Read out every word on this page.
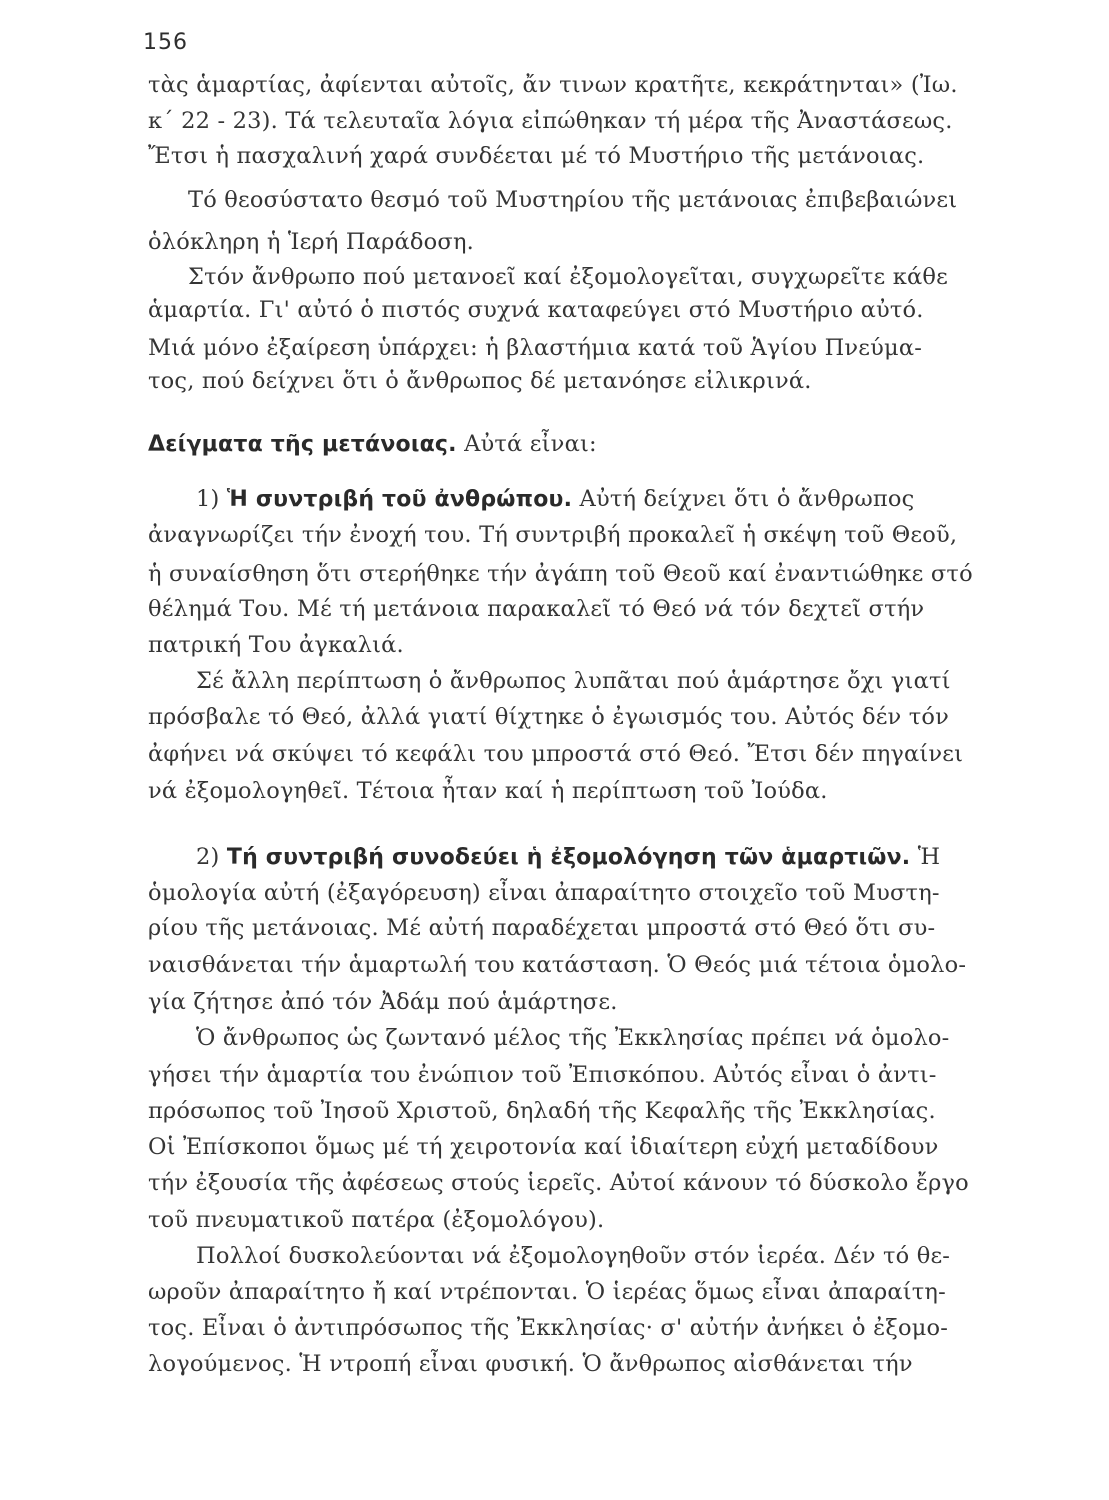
156
τὰς ἁμαρτίας, ἀφίενται αὐτοῖς, ἄν τινων κρατῆτε, κεκράτηνται» (Ἰω.
κ΄ 22 - 23). Τά τελευταῖα λόγια εἰπώθηκαν τή μέρα τῆς Ἀναστάσεως.
Ἔτσι ἡ πασχαλινή χαρά συνδέεται μέ τό Μυστήριο τῆς μετάνοιας.
Τό θεοσύστατο θεσμό τοῦ Μυστηρίου τῆς μετάνοιας ἐπιβεβαιώνει
ὁλόκληρη ἡ Ἱερή Παράδοση.
Στόν ἄνθρωπο πού μετανοεῖ καί ἐξομολογεῖται, συγχωρεῖτε κάθε
ἁμαρτία. Γι' αὐτό ὁ πιστός συχνά καταφεύγει στό Μυστήριο αὐτό.
Μιά μόνο ἐξαίρεση ὑπάρχει: ἡ βλαστήμια κατά τοῦ Ἁγίου Πνεύμα-
τος, πού δείχνει ὅτι ὁ ἄνθρωπος δέ μετανόησε εἰλικρινά.
Δείγματα τῆς μετάνοιας. Αὐτά εἶναι:
1) Ἡ συντριβή τοῦ ἀνθρώπου. Αὐτή δείχνει ὅτι ὁ ἄνθρωπος
ἀναγνωρίζει τήν ἐνοχή του. Τή συντριβή προκαλεῖ ἡ σκέψη τοῦ Θεοῦ,
ἡ συναίσθηση ὅτι στερήθηκε τήν ἀγάπη τοῦ Θεοῦ καί ἐναντιώθηκε στό
θέλημά Του. Μέ τή μετάνοια παρακαλεῖ τό Θεό νά τόν δεχτεῖ στήν
πατρική Του ἀγκαλιά.
Σέ ἄλλη περίπτωση ὁ ἄνθρωπος λυπᾶται πού ἁμάρτησε ὄχι γιατί
πρόσβαλε τό Θεό, ἀλλά γιατί θίχτηκε ὁ ἐγωισμός του. Αὐτός δέν τόν
ἀφήνει νά σκύψει τό κεφάλι του μπροστά στό Θεό. Ἔτσι δέν πηγαίνει
νά ἐξομολογηθεῖ. Τέτοια ἦταν καί ἡ περίπτωση τοῦ Ἰούδα.
2) Τή συντριβή συνοδεύει ἡ ἐξομολόγηση τῶν ἁμαρτιῶν. Ἡ
ὁμολογία αὐτή (ἐξαγόρευση) εἶναι ἀπαραίτητο στοιχεῖο τοῦ Μυστη-
ρίου τῆς μετάνοιας. Μέ αὐτή παραδέχεται μπροστά στό Θεό ὅτι συ-
ναισθάνεται τήν ἁμαρτωλή του κατάσταση. Ὁ Θεός μιά τέτοια ὁμολο-
γία ζήτησε ἀπό τόν Ἀδάμ πού ἁμάρτησε.
Ὁ ἄνθρωπος ὡς ζωντανό μέλος τῆς Ἐκκλησίας πρέπει νά ὁμολο-
γήσει τήν ἁμαρτία του ἐνώπιον τοῦ Ἐπισκόπου. Αὐτός εἶναι ὁ ἀντι-
πρόσωπος τοῦ Ἰησοῦ Χριστοῦ, δηλαδή τῆς Κεφαλῆς τῆς Ἐκκλησίας.
Οἱ Ἐπίσκοποι ὅμως μέ τή χειροτονία καί ἰδιαίτερη εὐχή μεταδίδουν
τήν ἐξουσία τῆς ἀφέσεως στούς ἱερεῖς. Αὐτοί κάνουν τό δύσκολο ἔργο
τοῦ πνευματικοῦ πατέρα (ἐξομολόγου).
Πολλοί δυσκολεύονται νά ἐξομολογηθοῦν στόν ἱερέα. Δέν τό θε-
ωροῦν ἀπαραίτητο ἤ καί ντρέπονται. Ὁ ἱερέας ὅμως εἶναι ἀπαραίτη-
τος. Εἶναι ὁ ἀντιπρόσωπος τῆς Ἐκκλησίας· σ' αὐτήν ἀνήκει ὁ ἐξομο-
λογούμενος. Ἡ ντροπή εἶναι φυσική. Ὁ ἄνθρωπος αἰσθάνεται τήν
